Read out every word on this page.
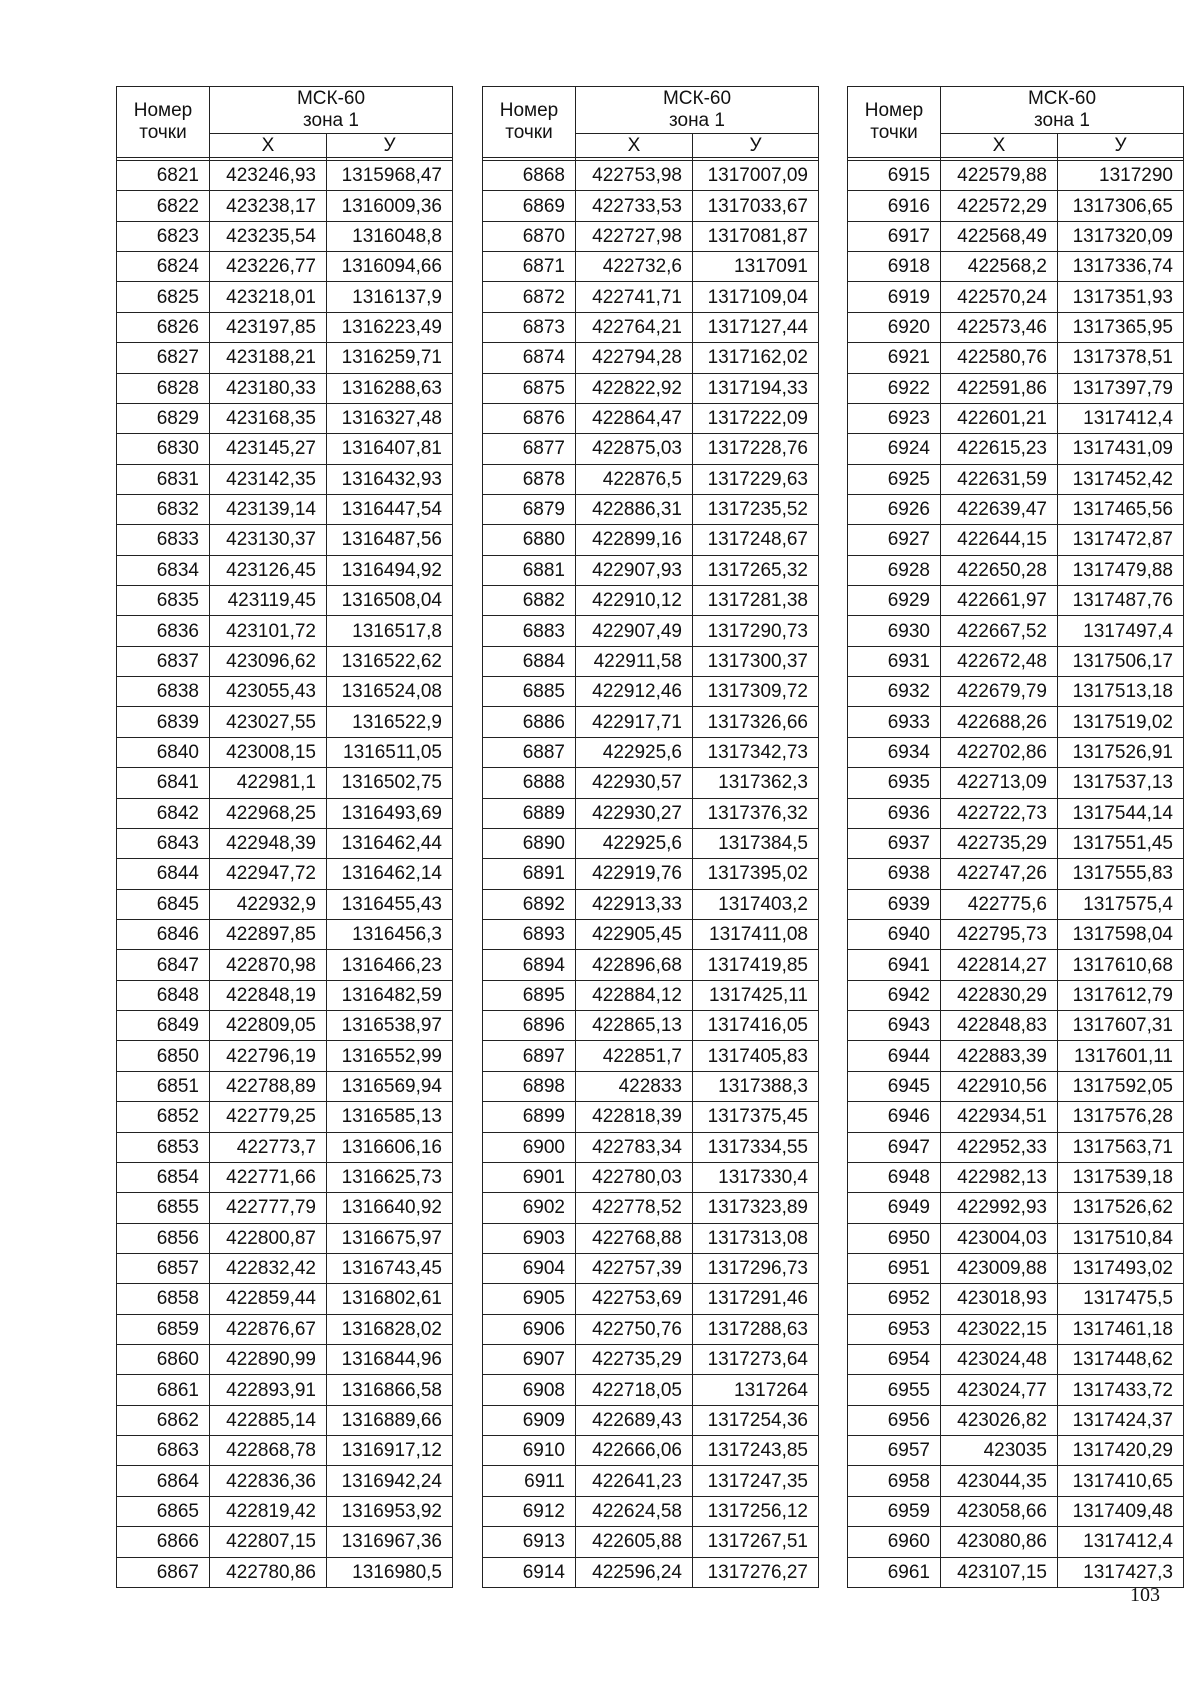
Номер точки	МСК-60
зона 1	
	Х	У

6821	423246,93	1315968,47
6822	423238,17	1316009,36
6823	423235,54	1316048,8
6824	423226,77	1316094,66
6825	423218,01	1316137,9
6826	423197,85	1316223,49
6827	423188,21	1316259,71
6828	423180,33	1316288,63
6829	423168,35	1316327,48
6830	423145,27	1316407,81
6831	423142,35	1316432,93
6832	423139,14	1316447,54
6833	423130,37	1316487,56
6834	423126,45	1316494,92
6835	423119,45	1316508,04
6836	423101,72	1316517,8
6837	423096,62	1316522,62
6838	423055,43	1316524,08
6839	423027,55	1316522,9
6840	423008,15	1316511,05
6841	422981,1	1316502,75
6842	422968,25	1316493,69
6843	422948,39	1316462,44
6844	422947,72	1316462,14
6845	422932,9	1316455,43
6846	422897,85	1316456,3
6847	422870,98	1316466,23
6848	422848,19	1316482,59
6849	422809,05	1316538,97
6850	422796,19	1316552,99
6851	422788,89	1316569,94
6852	422779,25	1316585,13
6853	422773,7	1316606,16
6854	422771,66	1316625,73
6855	422777,79	1316640,92
6856	422800,87	1316675,97
6857	422832,42	1316743,45
6858	422859,44	1316802,61
6859	422876,67	1316828,02
6860	422890,99	1316844,96
6861	422893,91	1316866,58
6862	422885,14	1316889,66
6863	422868,78	1316917,12
6864	422836,36	1316942,24
6865	422819,42	1316953,92
6866	422807,15	1316967,36
6867	422780,86	1316980,5
Номер точки	МСК-60
зона 1	
	Х	У

6868	422753,98	1317007,09
6869	422733,53	1317033,67
6870	422727,98	1317081,87
6871	422732,6	1317091
6872	422741,71	1317109,04
6873	422764,21	1317127,44
6874	422794,28	1317162,02
6875	422822,92	1317194,33
6876	422864,47	1317222,09
6877	422875,03	1317228,76
6878	422876,5	1317229,63
6879	422886,31	1317235,52
6880	422899,16	1317248,67
6881	422907,93	1317265,32
6882	422910,12	1317281,38
6883	422907,49	1317290,73
6884	422911,58	1317300,37
6885	422912,46	1317309,72
6886	422917,71	1317326,66
6887	422925,6	1317342,73
6888	422930,57	1317362,3
6889	422930,27	1317376,32
6890	422925,6	1317384,5
6891	422919,76	1317395,02
6892	422913,33	1317403,2
6893	422905,45	1317411,08
6894	422896,68	1317419,85
6895	422884,12	1317425,11
6896	422865,13	1317416,05
6897	422851,7	1317405,83
6898	422833	1317388,3
6899	422818,39	1317375,45
6900	422783,34	1317334,55
6901	422780,03	1317330,4
6902	422778,52	1317323,89
6903	422768,88	1317313,08
6904	422757,39	1317296,73
6905	422753,69	1317291,46
6906	422750,76	1317288,63
6907	422735,29	1317273,64
6908	422718,05	1317264
6909	422689,43	1317254,36
6910	422666,06	1317243,85
6911	422641,23	1317247,35
6912	422624,58	1317256,12
6913	422605,88	1317267,51
6914	422596,24	1317276,27
Номер точки	МСК-60
зона 1	
	Х	У

6915	422579,88	1317290
6916	422572,29	1317306,65
6917	422568,49	1317320,09
6918	422568,2	1317336,74
6919	422570,24	1317351,93
6920	422573,46	1317365,95
6921	422580,76	1317378,51
6922	422591,86	1317397,79
6923	422601,21	1317412,4
6924	422615,23	1317431,09
6925	422631,59	1317452,42
6926	422639,47	1317465,56
6927	422644,15	1317472,87
6928	422650,28	1317479,88
6929	422661,97	1317487,76
6930	422667,52	1317497,4
6931	422672,48	1317506,17
6932	422679,79	1317513,18
6933	422688,26	1317519,02
6934	422702,86	1317526,91
6935	422713,09	1317537,13
6936	422722,73	1317544,14
6937	422735,29	1317551,45
6938	422747,26	1317555,83
6939	422775,6	1317575,4
6940	422795,73	1317598,04
6941	422814,27	1317610,68
6942	422830,29	1317612,79
6943	422848,83	1317607,31
6944	422883,39	1317601,11
6945	422910,56	1317592,05
6946	422934,51	1317576,28
6947	422952,33	1317563,71
6948	422982,13	1317539,18
6949	422992,93	1317526,62
6950	423004,03	1317510,84
6951	423009,88	1317493,02
6952	423018,93	1317475,5
6953	423022,15	1317461,18
6954	423024,48	1317448,62
6955	423024,77	1317433,72
6956	423026,82	1317424,37
6957	423035	1317420,29
6958	423044,35	1317410,65
6959	423058,66	1317409,48
6960	423080,86	1317412,4
6961	423107,15	1317427,3
103
